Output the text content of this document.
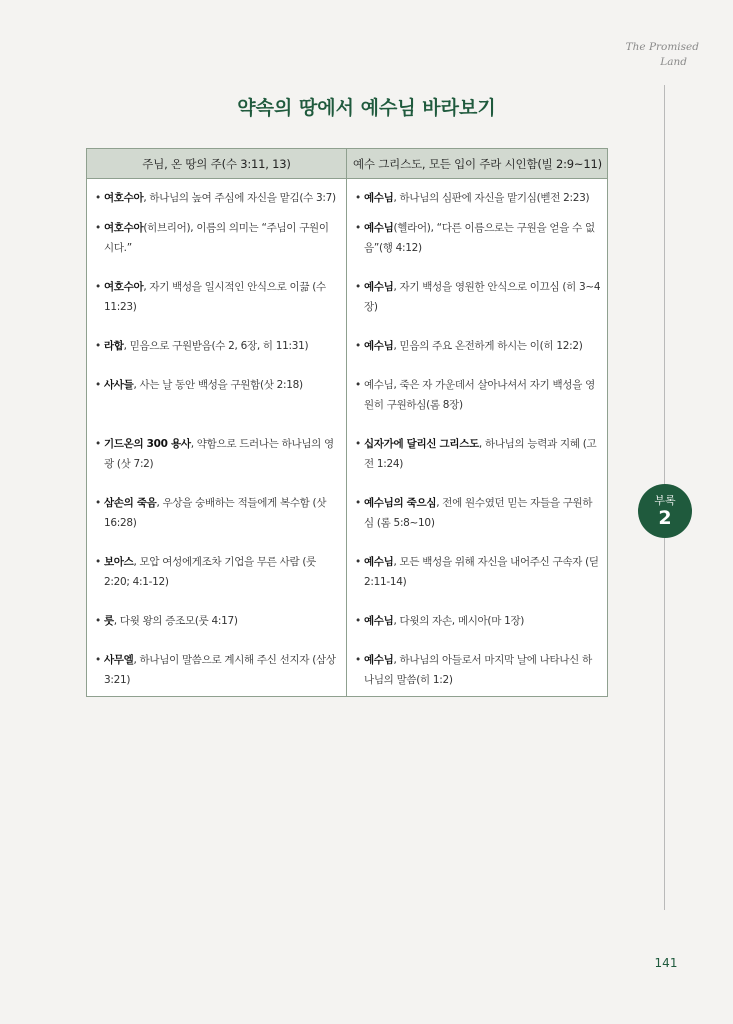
The Promised
Land
부록
2
약속의 땅에서 예수님 바라보기
주님, 온 땅의 주(수 3:11, 13)	예수 그리스도, 모든 입이 주라 시인함(빌 2:9~11)

• 여호수아, 하나님의 높여 주심에 자신을 맡김(수 3:7)	• 예수님, 하나님의 심판에 자신을 맡기심(벧전 2:23)

• 여호수아(히브리어), 이름의 의미는 “주님이 구원이 시다.”	• 예수님(헬라어), “다른 이름으로는 구원을 얻을 수 없음”(행 4:12)

• 여호수아, 자기 백성을 일시적인 안식으로 이끎 (수 11:23)	• 예수님, 자기 백성을 영원한 안식으로 이끄심 (히 3~4장)

• 라합, 믿음으로 구원받음(수 2, 6장, 히 11:31)	• 예수님, 믿음의 주요 온전하게 하시는 이(히 12:2)

• 사사들, 사는 날 동안 백성을 구원함(삿 2:18)	• 예수님, 죽은 자 가운데서 살아나셔서 자기 백성을 영원히 구원하심(롬 8장)

• 기드온의 300 용사, 약함으로 드러나는 하나님의 영광 (삿 7:2)	• 십자가에 달리신 그리스도, 하나님의 능력과 지혜 (고전 1:24)

• 삼손의 죽음, 우상을 숭배하는 적들에게 복수함 (삿 16:28)	• 예수님의 죽으심, 전에 원수였던 믿는 자들을 구원하심 (롬 5:8~10)

• 보아스, 모압 여성에게조차 기업을 무른 사람 (룻 2:20; 4:1-12)	• 예수님, 모든 백성을 위해 자신을 내어주신 구속자 (딛 2:11-14)

• 룻, 다윗 왕의 증조모(룻 4:17)	• 예수님, 다윗의 자손, 메시아(마 1장)

• 사무엘, 하나님이 말씀으로 계시해 주신 선지자 (삼상 3:21)	• 예수님, 하나님의 아들로서 마지막 날에 나타나신 하나님의 말씀(히 1:2)
141
